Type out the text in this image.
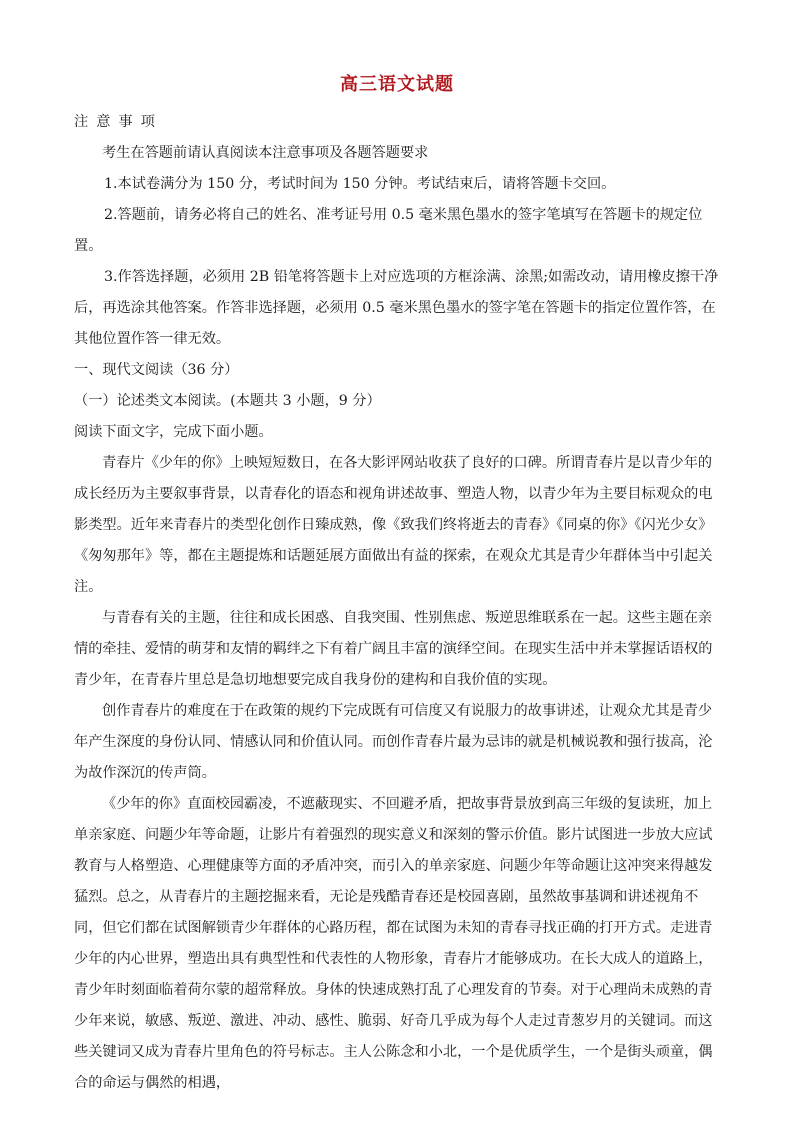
高三语文试题

注意事项

考生在答题前请认真阅读本注意事项及各题答题要求

1.本试卷满分为 150 分，考试时间为 150 分钟。考试结束后，请将答题卡交回。

2.答题前，请务必将自己的姓名、准考证号用 0.5 毫米黑色墨水的签字笔填写在答题卡的规定位置。

3.作答选择题，必须用 2B 铅笔将答题卡上对应选项的方框涂满、涂黑;如需改动，请用橡皮擦干净后，再选涂其他答案。作答非选择题，必须用 0.5 毫米黑色墨水的签字笔在答题卡的指定位置作答，在其他位置作答一律无效。

一、现代文阅读（36 分）

（一）论述类文本阅读。(本题共 3 小题，9 分）

阅读下面文字，完成下面小题。

青春片《少年的你》上映短短数日，在各大影评网站收获了良好的口碑。所谓青春片是以青少年的成长经历为主要叙事背景，以青春化的语态和视角讲述故事、塑造人物，以青少年为主要目标观众的电影类型。近年来青春片的类型化创作日臻成熟，像《致我们终将逝去的青春》《同桌的你》《闪光少女》《匆匆那年》等，都在主题提炼和话题延展方面做出有益的探索，在观众尤其是青少年群体当中引起关注。

与青春有关的主题，往往和成长困惑、自我突围、性别焦虑、叛逆思维联系在一起。这些主题在亲情的牵挂、爱情的萌芽和友情的羁绊之下有着广阔且丰富的演绎空间。在现实生活中并未掌握话语权的青少年，在青春片里总是急切地想要完成自我身份的建构和自我价值的实现。

创作青春片的难度在于在政策的规约下完成既有可信度又有说服力的故事讲述，让观众尤其是青少年产生深度的身份认同、情感认同和价值认同。而创作青春片最为忌讳的就是机械说教和强行拔高，沦为故作深沉的传声筒。

《少年的你》直面校园霸凌，不遮蔽现实、不回避矛盾，把故事背景放到高三年级的复读班，加上单亲家庭、问题少年等命题，让影片有着强烈的现实意义和深刻的警示价值。影片试图进一步放大应试教育与人格塑造、心理健康等方面的矛盾冲突，而引入的单亲家庭、问题少年等命题让这冲突来得越发猛烈。总之，从青春片的主题挖掘来看，无论是残酷青春还是校园喜剧，虽然故事基调和讲述视角不同，但它们都在试图解锁青少年群体的心路历程，都在试图为未知的青春寻找正确的打开方式。走进青少年的内心世界，塑造出具有典型性和代表性的人物形象，青春片才能够成功。在长大成人的道路上，青少年时刻面临着荷尔蒙的超常释放。身体的快速成熟打乱了心理发育的节奏。对于心理尚未成熟的青少年来说，敏感、叛逆、激进、冲动、感性、脆弱、好奇几乎成为每个人走过青葱岁月的关键词。而这些关键词又成为青春片里角色的符号标志。主人公陈念和小北，一个是优质学生，一个是街头顽童，偶合的命运与偶然的相遇，
